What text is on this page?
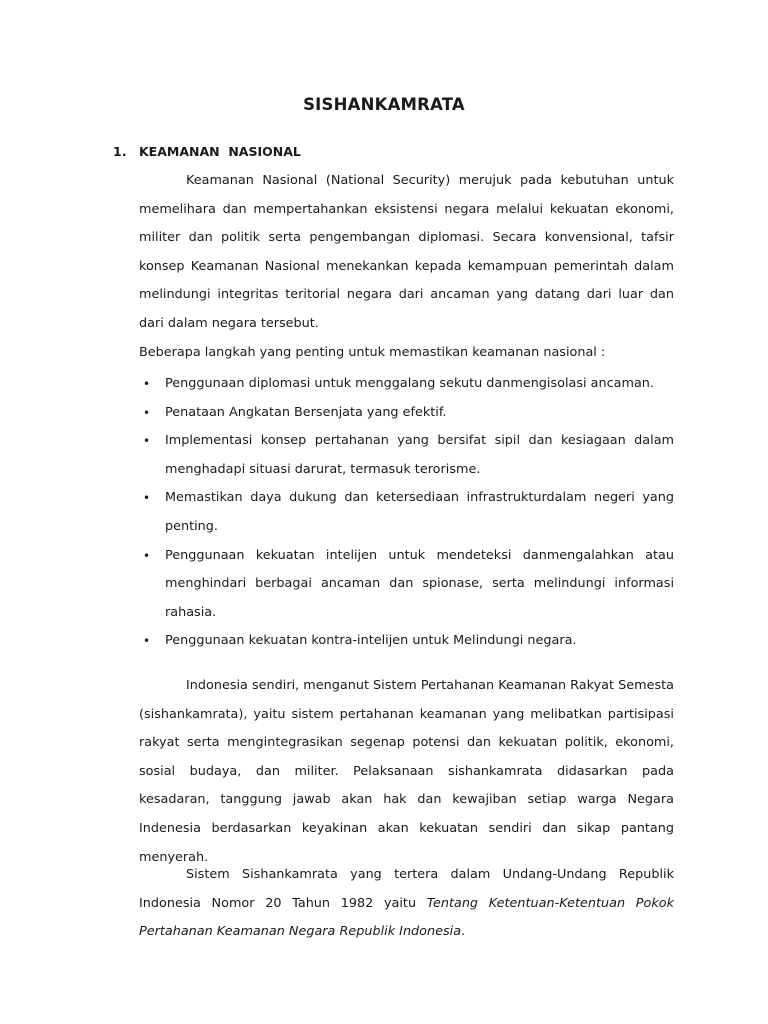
SISHANKAMRATA
1. KEAMANAN  NASIONAL

Keamanan Nasional (National Security) merujuk pada kebutuhan untuk memelihara dan mempertahankan eksistensi negara melalui kekuatan ekonomi, militer dan politik serta pengembangan diplomasi. Secara konvensional, tafsir konsep Keamanan Nasional menekankan kepada kemampuan pemerintah dalam melindungi integritas teritorial negara dari ancaman yang datang dari luar dan dari dalam negara tersebut.

Beberapa langkah yang penting untuk memastikan keamanan nasional :

• Penggunaan diplomasi untuk menggalang sekutu danmengisolasi ancaman.
• Penataan Angkatan Bersenjata yang efektif.
• Implementasi konsep pertahanan yang bersifat sipil dan kesiagaan dalam menghadapi situasi darurat, termasuk terorisme.
• Memastikan daya dukung dan ketersediaan infrastrukturdalam negeri yang penting.
• Penggunaan kekuatan intelijen untuk mendeteksi danmengalahkan atau menghindari berbagai ancaman dan spionase, serta melindungi informasi rahasia.
• Penggunaan kekuatan kontra-intelijen untuk Melindungi negara.

Indonesia sendiri, menganut Sistem Pertahanan Keamanan Rakyat Semesta (sishankamrata), yaitu sistem pertahanan keamanan yang melibatkan partisipasi rakyat serta mengintegrasikan segenap potensi dan kekuatan politik, ekonomi, sosial budaya, dan militer. Pelaksanaan sishankamrata didasarkan pada kesadaran, tanggung jawab akan hak dan kewajiban setiap warga Negara Indenesia berdasarkan keyakinan akan kekuatan sendiri dan sikap pantang menyerah.

Sistem Sishankamrata yang tertera dalam Undang-Undang Republik Indonesia Nomor 20 Tahun 1982 yaitu Tentang Ketentuan-Ketentuan Pokok Pertahanan Keamanan Negara Republik Indonesia.
